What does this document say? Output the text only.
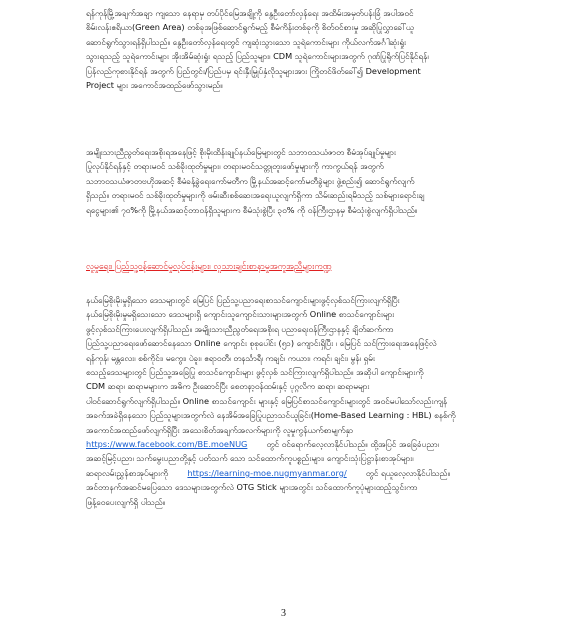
ရန်ကုန်မြို့အချက်အချာ ကျသော နေရာမှ တပ်ပိုင်မြေအချို့ကို နွေဦးတော်လှန်ရေး အထိမ်းအမှတ်ပန်းခြံ အပါအဝင်
စိမ်းလန်းဧရိယာ(Green Area) တစ်ခုအဖြစ်ဆောင်ရွက်မည့် စီမံကိန်းတစ်ခုကို စိတ်ဝင်စားမှု အဆိုပြုလွှာခေါ်ယူ
ဆောင်ရွက်သွားရန်ရှိပါသည်။ နွေဦးတော်လှန်ရေးတွင် ကျဆုံးသွားသော သူရဲကောင်းများ ကိုယ်လက်အင်္ဂါဆုံးရှုံး
သွားရသည့် သူရဲကောင်းများ အိုးအိမ်ဆုံးရှုံး ရသည့် ပြည်သူများ၊ CDM သူရဲကောင်းများအတွက် ဂုဏ်ပြုရိုက်ပြင်နိုင်ရန်၊
ပြန်လည်ကုစားနိုင်ရန် အတွက် ပြည်တွင်း/ပြည်ပမှ ရင်းနှီးမြှုပ်နှံလိုသူများအား ကြိုတင်ဖိတ်ခေါ်၍ Development
Project များ အကောင်အထည်ဖော်သွားမည်။
အမျိုးသားညီညွတ်ရေးအစိုးရအနေဖြင့် စိုးမိုးထိန်းချုပ်နယ်မြေများတွင် သဘာဝသယံဇာတ စီမံအုပ်ချုပ်မှုများ
ပြုလုပ်နိုင်ရန်နှင့် တရားမဝင် သစ်ခိုးထုတ်မှုများ၊ တရားမဝင်သတ္တုတူးဖော်မှုများကို ကာကွယ်ရန် အတွက်
သဘာဝသယံဇာတဗဟိုအဆင့် စီမံခန့်ခွဲရေးကော်မတီက မြို့နယ်အဆင့်ကော်မတီခွဲများ ဖွဲ့စည်း၍ ဆောင်ရွက်လျက်
ရှိသည်။ တရားမဝင် သစ်ခိုးထုတ်မှုများကို ဖမ်းဆီးစစ်ဆေးအရေးယူလျက်ရှိကာ သိမ်းဆည်းရမိသည့် သစ်များရောင်းချ
ရငွေများ၏ ၇၀%ကို မြို့နယ်အဆင့်တာဝန်ရှိသူများက စီမံသုံးစွဲပြီး ၃၀% ကို ဝန်ကြီးဌာနမှ စီမံသုံးစွဲလျက်ရှိပါသည်။
လူမှုရေး၊ ပြည်သူ့ဝန်ဆောင်မှုလုပ်ငန်းများ၊ လူသားချင်းစာနာမှုအကူအညီများကဏ္ဍ
နယ်မြေစိုးမိုးမှုရှိသော ဒေသများတွင် မြေပြင် ပြည်သူ့ပညာရေးစာသင်ကျောင်းများဖွင့်လှစ်သင်ကြားလျက်ရှိပြီး
နယ်မြေစိုးမိုးမှုမရှိသေးသော ဒေသများရှိ ကျောင်းသူကျောင်းသားများအတွက် Online စာသင်ကျောင်းများ
ဖွင့်လှစ်သင်ကြားပေးလျက်ရှိပါသည်။ အမျိုးသားညီညွတ်ရေးအစိုးရ ပညာရေးဝန်ကြီးဌာနနှင့် ချိတ်ဆက်ကာ
ပြည်သူ့ပညာရေးဖော်ဆောင်နေသော Online ကျောင်း စုစုပေါင်း (၅၁) ကျောင်းရှိပြီး ၊ မြေပြင် သင်ကြားရေးအနေဖြင့်လဲ
ရန်ကုန်၊ မန္တလေး၊ စစ်ကိုင်း၊ မကွေး၊ ပဲခူး၊ ဧရာဝတီ၊ တနင်္သာရီ၊ ကချင်၊ ကယား၊ ကရင်၊ ချင်း၊ မွန်၊ ရှမ်း
စသည့်ဒေသများတွင် ပြည်သူ့အခြေပြု စာသင်ကျောင်းများ ဖွင့်လှစ် သင်ကြားလျက်ရှိပါသည်။ အဆိုပါ ကျောင်းများကို
CDM ဆရာ၊ ဆရာမများက အဓိက ဦးဆောင်ပြီး စေတနာ့ဝန်ထမ်းနှင့် ပုဂ္ဂလိက ဆရာ၊ ဆရာမများ
ပါဝင်ဆောင်ရွက်လျက်ရှိပါသည်။ Online စာသင်ကျောင်း များနှင့် မြေပြင်စာသင်ကျောင်းများတွင် အဝင်မပါသော်လည်းကျန်
အခက်အခဲရှိနေသော ပြည်သူများအတွက်လဲ နေအိမ်အခြေပြုပညာသင်ယူခြင်း(Home-Based Learning : HBL) စနစ်ကို
အကောင်အထည်ဖော်လျက်ရှိပြီး အသေးစိတ်အချက်အလက်များကို လူမှုကွန်ယက်စာမျက်နှာ
https://www.facebook.com/BE.moeNUG တွင် ဝင်ရောက်လေ့လာနိုင်ပါသည်။ ထို့အပြင် အခြေခံပညာ၊
အဆင့်မြင့်ပညာ၊ သက်မွေးပညာတို့နှင့် ပတ်သက် သော သင်ထောက်ကူပစ္စည်းများ၊ ကျောင်းသုံးပြဋ္ဌာန်းစာအုပ်များ၊
ဆရာလမ်းညွှန်စာအုပ်များကို https://learning-moe.nugmyanmar.org/ တွင် ရယူလေ့လာနိုင်ပါသည်။
အင်တာနက်အဆင်မပြေသော ဒေသများအတွက်လဲ OTG Stick များအတွင်း သင်ထောက်ကူပုံများထည့်သွင်းကာ
ဖြန့်ဝေပေးလျက်ရှိ ပါသည်။
3
